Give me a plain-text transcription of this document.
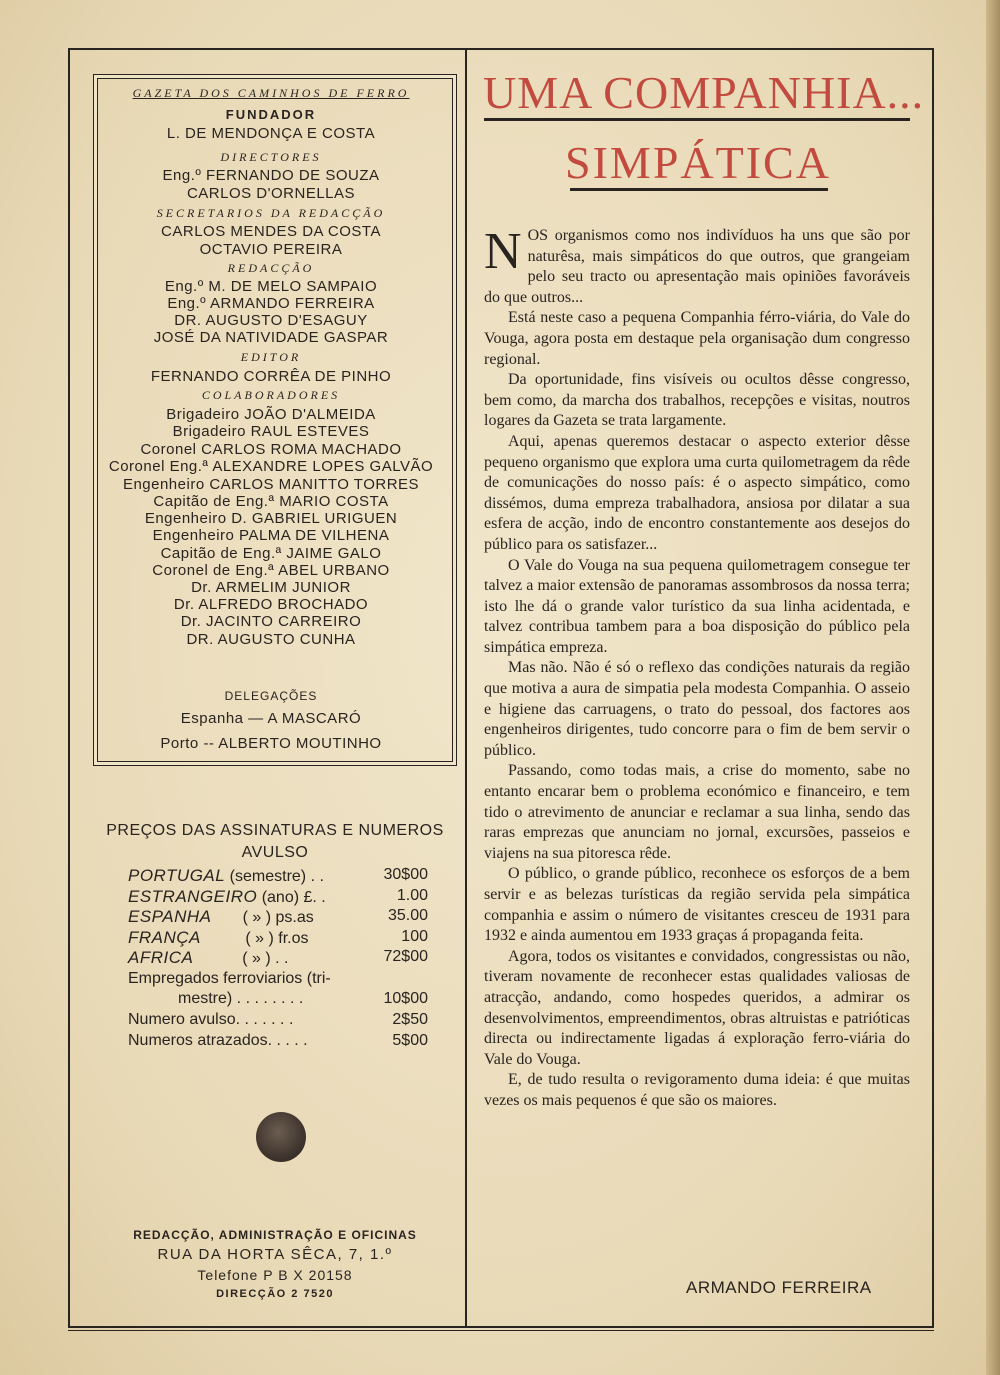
GAZETA DOS CAMINHOS DE FERRO
FUNDADOR
L. DE MENDONÇA E COSTA
DIRECTORES
Eng.º FERNANDO DE SOUZA
CARLOS D'ORNELLAS
SECRETARIOS DA REDACÇÃO
CARLOS MENDES DA COSTA
OCTAVIO PEREIRA
REDACÇÃO
Eng.º M. DE MELO SAMPAIO
Eng.º ARMANDO FERREIRA
DR. AUGUSTO D'ESAGUY
JOSÉ DA NATIVIDADE GASPAR
EDITOR
FERNANDO CORRÊA DE PINHO
COLABORADORES
Brigadeiro JOÃO D'ALMEIDA
Brigadeiro RAUL ESTEVES
Coronel CARLOS ROMA MACHADO
Coronel Eng.ª ALEXANDRE LOPES GALVÃO
Engenheiro CARLOS MANITTO TORRES
Capitão de Eng.ª MARIO COSTA
Engenheiro D. GABRIEL URIGUEN
Engenheiro PALMA DE VILHENA
Capitão de Eng.ª JAIME GALO
Coronel de Eng.ª ABEL URBANO
Dr. ARMELIM JUNIOR
Dr. ALFREDO BROCHADO
Dr. JACINTO CARREIRO
DR. AUGUSTO CUNHA
DELEGAÇÕES
Espanha — A MASCARÓ
Porto -- ALBERTO MOUTINHO
PREÇOS DAS ASSINATURAS E NUMEROS
AVULSO
PORTUGAL (semestre) . .	30$00
ESTRANGEIRO (ano) £. .	1.00
ESPANHA       ( » ) ps.as	35.00
FRANÇA          ( » ) fr.os	100
AFRICA           ( » ) . .	72$00
Empregados ferroviarios (tri-
mestre) . . . . . . . .	10$00
Numero avulso. . . . . . .	2$50
Numeros atrazados. . . . .	5$00
REDACÇÃO, ADMINISTRAÇÃO E OFICINAS
RUA DA HORTA SÊCA, 7, 1.º
Telefone P B X 20158
DIRECÇÃO 2 7520
UMA COMPANHIA...
SIMPÁTICA

NOS organismos como nos indivíduos ha uns que são por naturêsa, mais simpáticos do que outros, que grangeiam pelo seu tracto ou apresentação mais opiniões favoráveis do que outros...

Está neste caso a pequena Companhia férro-viária, do Vale do Vouga, agora posta em destaque pela organisação dum congresso regional.

Da oportunidade, fins visíveis ou ocultos dêsse congresso, bem como, da marcha dos trabalhos, recepções e visitas, noutros logares da Gazeta se trata largamente.

Aqui, apenas queremos destacar o aspecto exterior dêsse pequeno organismo que explora uma curta quilometragem da rêde de comunicações do nosso país: é o aspecto simpático, como dissémos, duma empreza trabalhadora, ansiosa por dilatar a sua esfera de acção, indo de encontro constantemente aos desejos do público para os satisfazer...

O Vale do Vouga na sua pequena quilometragem consegue ter talvez a maior extensão de panoramas assombrosos da nossa terra; isto lhe dá o grande valor turístico da sua linha acidentada, e talvez contribua tambem para a boa disposição do público pela simpática empreza.

Mas não. Não é só o reflexo das condições naturais da região que motiva a aura de simpatia pela modesta Companhia. O asseio e higiene das carruagens, o trato do pessoal, dos factores aos engenheiros dirigentes, tudo concorre para o fim de bem servir o público.

Passando, como todas mais, a crise do momento, sabe no entanto encarar bem o problema económico e financeiro, e tem tido o atrevimento de anunciar e reclamar a sua linha, sendo das raras emprezas que anunciam no jornal, excursões, passeios e viajens na sua pitoresca rêde.

O público, o grande público, reconhece os esforços de a bem servir e as belezas turísticas da região servida pela simpática companhia e assim o número de visitantes cresceu de 1931 para 1932 e ainda aumentou em 1933 graças á propaganda feita.

Agora, todos os visitantes e convidados, congressistas ou não, tiveram novamente de reconhecer estas qualidades valiosas de atracção, andando, como hospedes queridos, a admirar os desenvolvimentos, empreendimentos, obras altruistas e patrióticas directa ou indirectamente ligadas á exploração ferro-viária do Vale do Vouga.

E, de tudo resulta o revigoramento duma ideia: é que muitas vezes os mais pequenos é que são os maiores.

ARMANDO FERREIRA
